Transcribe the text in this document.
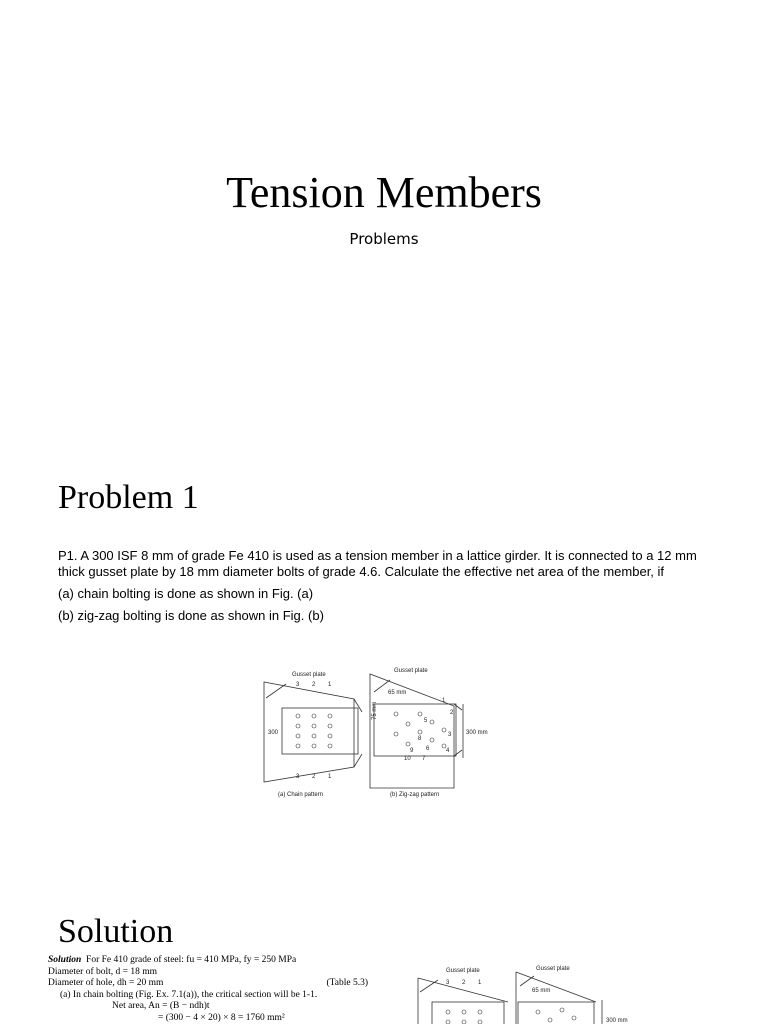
Tension Members
Problems
Problem 1

P1. A 300 ISF 8 mm of grade Fe 410 is used as a tension member in a lattice girder. It is connected to a 12 mm thick gusset plate by 18 mm diameter bolts of grade 4.6. Calculate the effective net area of the member, if

(a) chain bolting is done as shown in Fig. (a)

(b) zig-zag bolting is done as shown in Fig. (b)

Gusset plate
Gusset plate
300	300 mm
65 mm
75 mm
3 2 1
3 2 1
1
2
3
4
5
8
9 6
10 7
(a) Chain pattern	(b) Zig-zag pattern
Solution
Solution For Fe 410 grade of steel: fu = 410 MPa, fy = 250 MPa
Diameter of bolt, d = 18 mm
Diameter of hole, dh = 20 mm	(Table 5.3)
(a) In chain bolting (Fig. Ex. 7.1(a)), the critical section will be 1-1.
Net area, An = (B − ndh)t
= (300 − 4 × 20) × 8 = 1760 mm²
Gusset plate	Gusset plate
3 2 1
65 mm
300 mm
